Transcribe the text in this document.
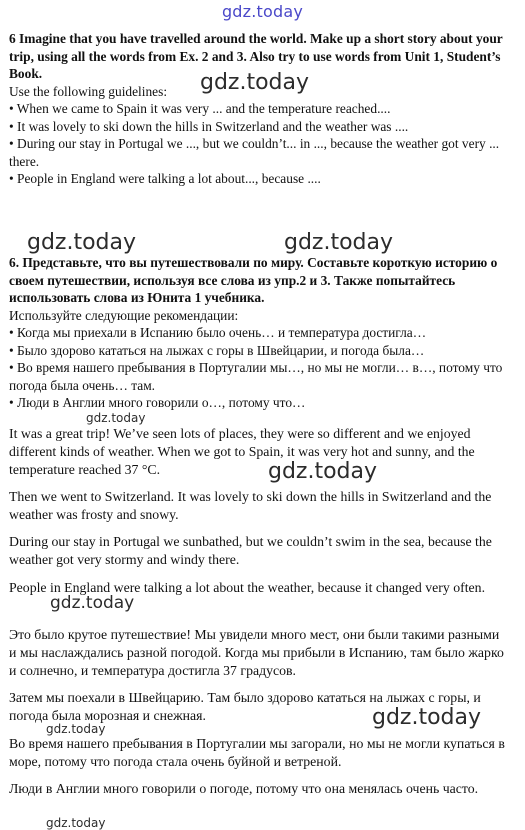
gdz.today

6 Imagine that you have travelled around the world. Make up a short story about your trip, using all the words from Ex. 2 and 3. Also try to use words from Unit 1, Student’s Book.

Use the following guidelines:

• When we came to Spain it was very ... and the temperature reached....

• It was lovely to ski down the hills in Switzerland and the weather was ....

• During our stay in Portugal we ..., but we couldn’t... in ..., because the weather got very ... there.

• People in England were talking a lot about..., because ....

6. Представьте, что вы путешествовали по миру. Составьте короткую историю о своем путешествии, используя все слова из упр.2 и 3. Также попытайтесь использовать слова из Юнита 1 учебника.

Используйте следующие рекомендации:

• Когда мы приехали в Испанию было очень… и температура достигла…

• Было здорово кататься на лыжах с горы в Швейцарии, и погода была…

• Во время нашего пребывания в Португалии мы…, но мы не могли… в…, потому что погода была очень… там.

• Люди в Англии много говорили о…, потому что…

It was a great trip! We’ve seen lots of places, they were so different and we enjoyed different kinds of weather. When we got to Spain, it was very hot and sunny, and the temperature reached 37 °C.

Then we went to Switzerland. It was lovely to ski down the hills in Switzerland and the weather was frosty and snowy.

During our stay in Portugal we sunbathed, but we couldn’t swim in the sea, because the weather got very stormy and windy there.

People in England were talking a lot about the weather, because it changed very often.

Это было крутое путешествие! Мы увидели много мест, они были такими разными и мы наслаждались разной погодой. Когда мы прибыли в Испанию, там было жарко и солнечно, и температура достигла 37 градусов.

Затем мы поехали в Швейцарию. Там было здорово кататься на лыжах с горы, и погода была морозная и снежная.

Во время нашего пребывания в Португалии мы загорали, но мы не могли купаться в море, потому что погода стала очень буйной и ветреной.

Люди в Англии много говорили о погоде, потому что она менялась очень часто.

gdz.today
gdz.today	gdz.today
gdz.today
gdz.today
gdz.today
gdz.today	gdz.today
gdz.today
